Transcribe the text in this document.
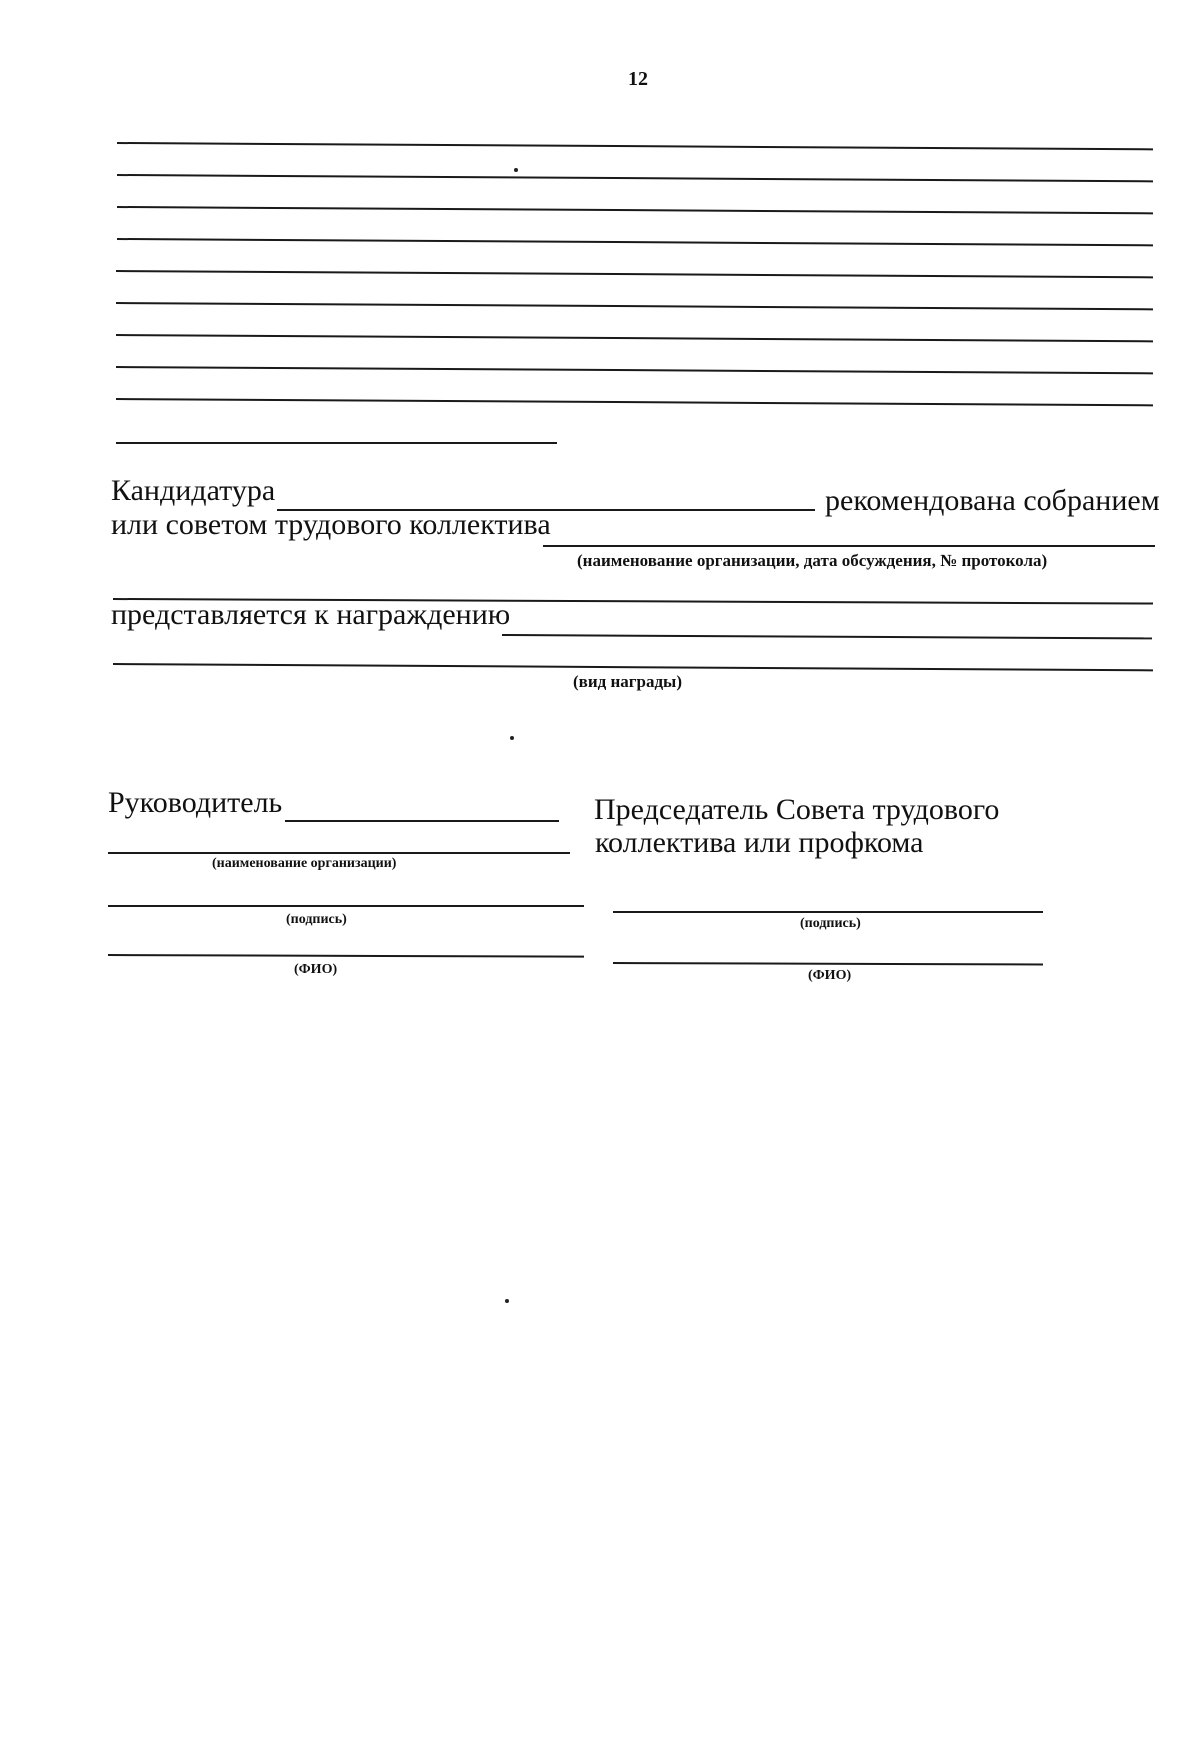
12
Кандидатура	рекомендована собранием
или советом трудового коллектива
(наименование организации, дата обсуждения, № протокола)
представляется к награждению
(вид награды)
Руководитель
(наименование организации)
(подпись)
(ФИО)
Председатель Совета трудового
коллектива или профкома
(подпись)
(ФИО)
